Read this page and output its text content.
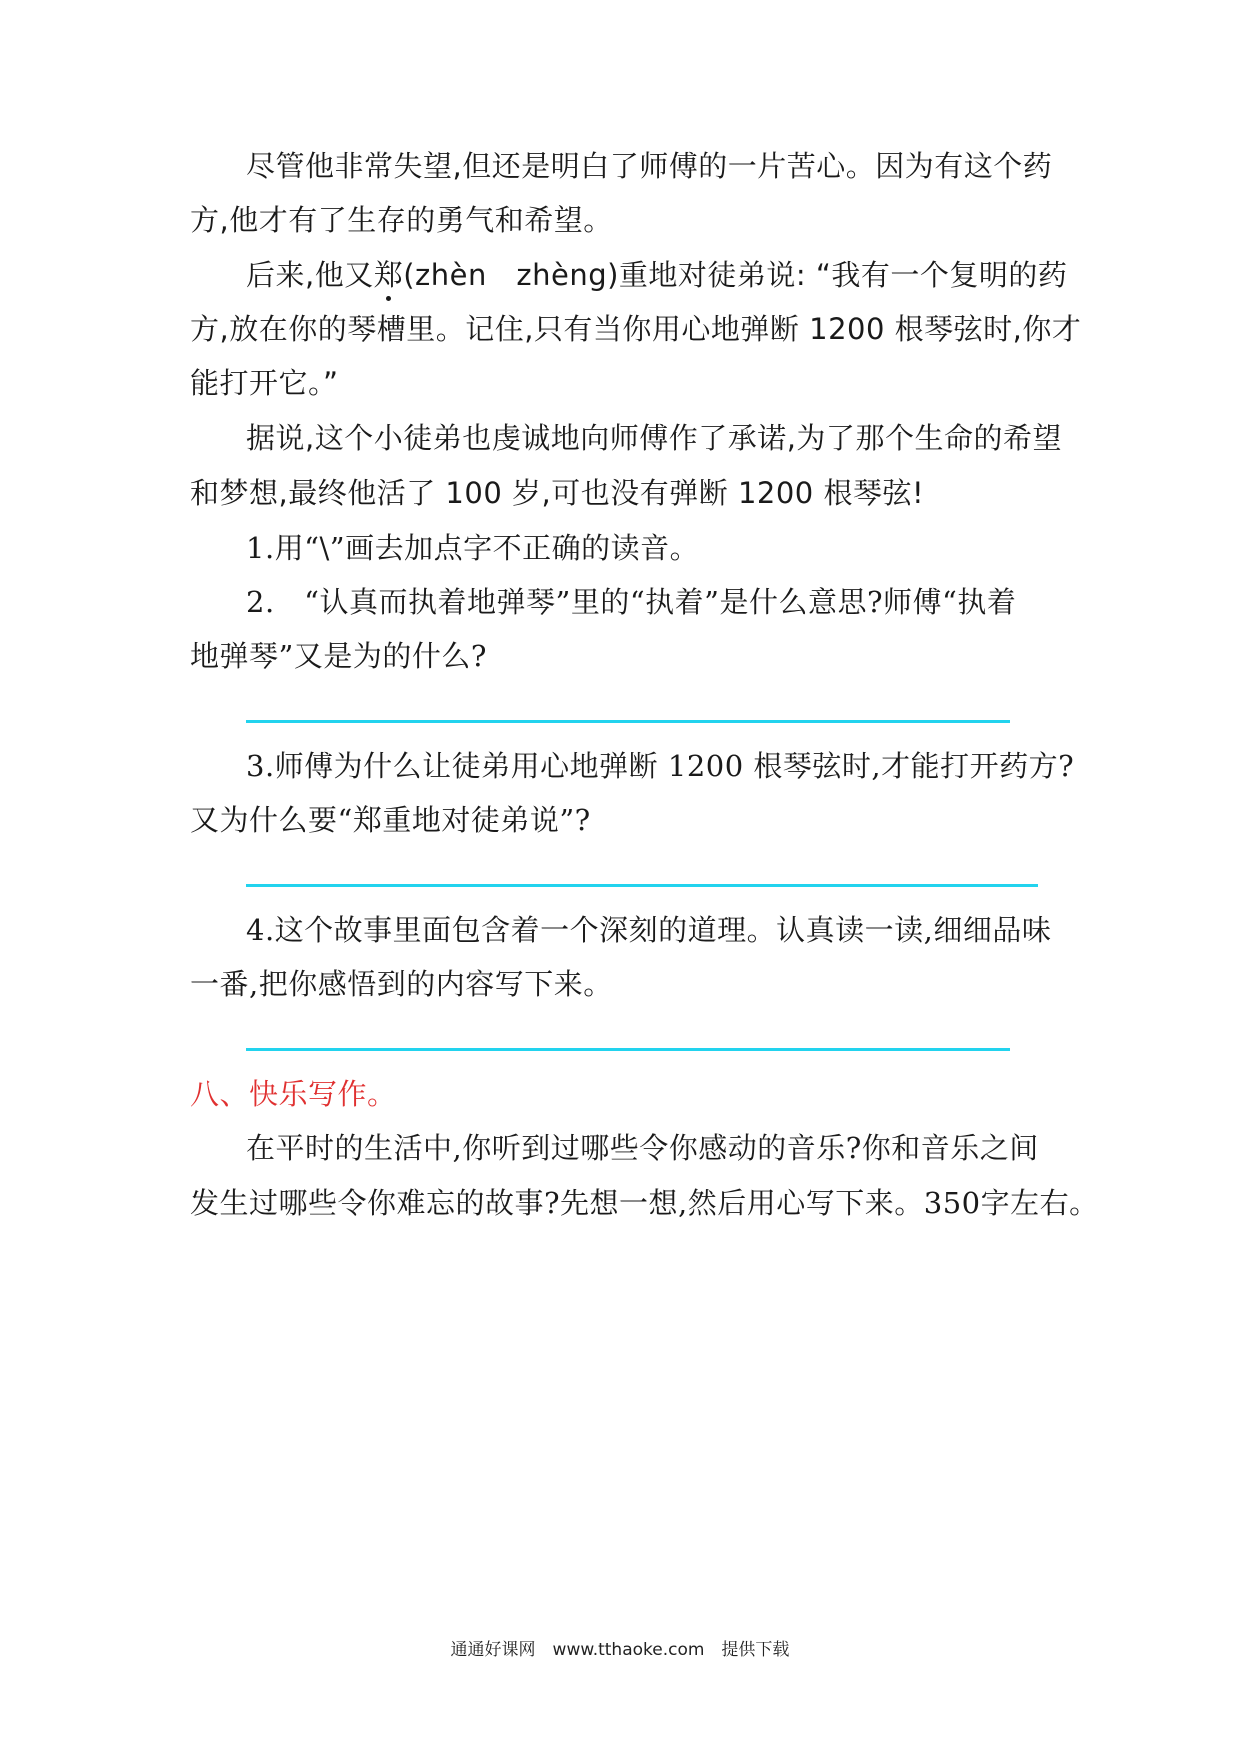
尽管他非常失望,但还是明白了师傅的一片苦心。因为有这个药
方,他才有了生存的勇气和希望。
后来,他又郑(zhèn　zhèng)重地对徒弟说: “我有一个复明的药
方,放在你的琴槽里。记住,只有当你用心地弹断 1200 根琴弦时,你才
能打开它。”
据说,这个小徒弟也虔诚地向师傅作了承诺,为了那个生命的希望
和梦想,最终他活了 100 岁,可也没有弹断 1200 根琴弦!
1.用“\”画去加点字不正确的读音。
2.　“认真而执着地弹琴”里的“执着”是什么意思?师傅“执着
地弹琴”又是为的什么?
3.师傅为什么让徒弟用心地弹断 1200 根琴弦时,才能打开药方?
又为什么要“郑重地对徒弟说”?
4.这个故事里面包含着一个深刻的道理。认真读一读,细细品味
一番,把你感悟到的内容写下来。
八、快乐写作。
在平时的生活中,你听到过哪些令你感动的音乐?你和音乐之间
发生过哪些令你难忘的故事?先想一想,然后用心写下来。350字左右。
通通好课网　www.tthaoke.com　提供下载
